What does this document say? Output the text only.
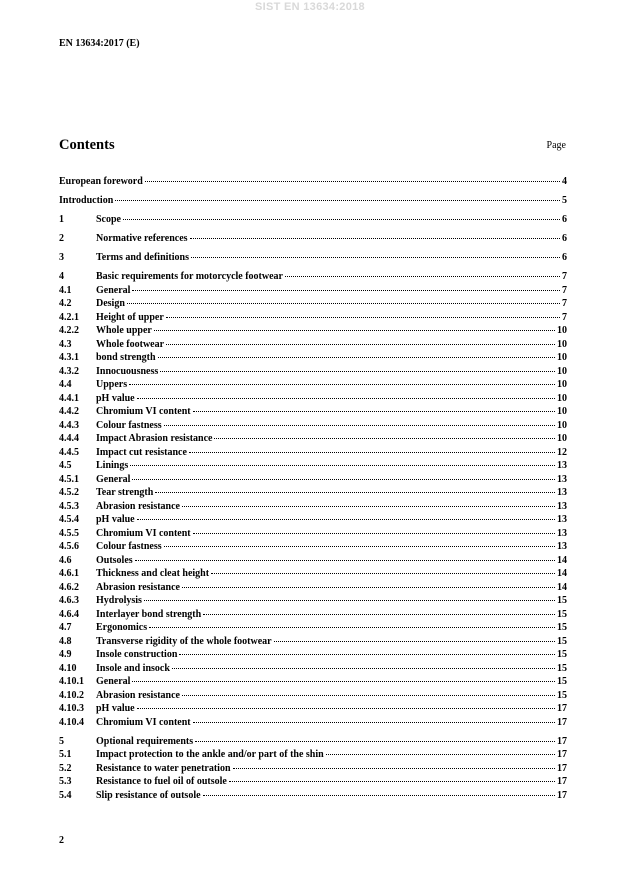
SIST EN 13634:2018
EN 13634:2017 (E)
Contents	Page
European foreword	4
Introduction	5
1	Scope	6
2	Normative references	6
3	Terms and definitions	6
4	Basic requirements for motorcycle footwear	7
4.1 General	7
4.2 Design	7
4.2.1 Height of upper	7
4.2.2 Whole upper	10
4.3 Whole footwear	10
4.3.1 bond strength	10
4.3.2 Innocuousness	10
4.4 Uppers	10
4.4.1 pH value	10
4.4.2 Chromium VI content	10
4.4.3 Colour fastness	10
4.4.4 Impact Abrasion resistance	10
4.4.5 Impact cut resistance	12
4.5 Linings	13
4.5.1 General	13
4.5.2 Tear strength	13
4.5.3 Abrasion resistance	13
4.5.4 pH value	13
4.5.5 Chromium VI content	13
4.5.6 Colour fastness	13
4.6 Outsoles	14
4.6.1 Thickness and cleat height	14
4.6.2 Abrasion resistance	14
4.6.3 Hydrolysis	15
4.6.4 Interlayer bond strength	15
4.7 Ergonomics	15
4.8 Transverse rigidity of the whole footwear	15
4.9 Insole construction	15
4.10 Insole and insock	15
4.10.1 General	15
4.10.2 Abrasion resistance	15
4.10.3 pH value	17
4.10.4 Chromium VI content	17
5	Optional requirements	17
5.1 Impact protection to the ankle and/or part of the shin	17
5.2 Resistance to water penetration	17
5.3 Resistance to fuel oil of outsole	17
5.4 Slip resistance of outsole	17
2
